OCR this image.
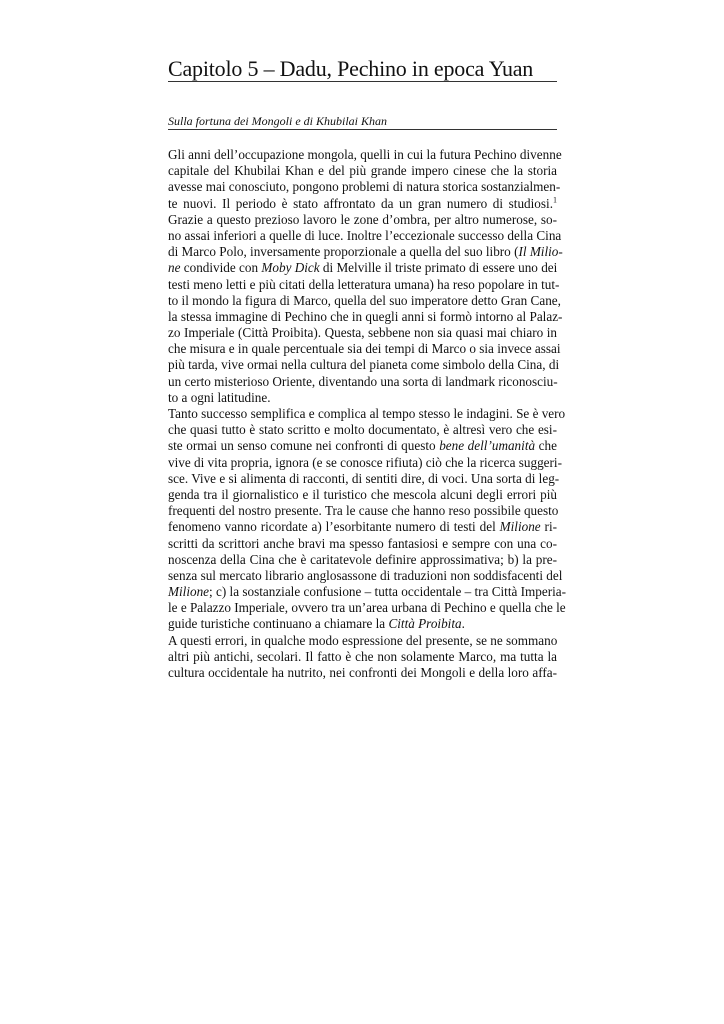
Capitolo 5 – Dadu, Pechino in epoca Yuan
Sulla fortuna dei Mongoli e di Khubilai Khan
Gli anni dell’occupazione mongola, quelli in cui la futura Pechino divenne
capitale del Khubilai Khan e del più grande impero cinese che la storia
avesse mai conosciuto, pongono problemi di natura storica sostanzialmen-
te nuovi. Il periodo è stato affrontato da un gran numero di studiosi.$^1$
Grazie a questo prezioso lavoro le zone d’ombra, per altro numerose, so-
no assai inferiori a quelle di luce. Inoltre l’eccezionale successo della Cina
di Marco Polo, inversamente proporzionale a quella del suo libro (Il Milio-
ne condivide con Moby Dick di Melville il triste primato di essere uno dei
testi meno letti e più citati della letteratura umana) ha reso popolare in tut-
to il mondo la figura di Marco, quella del suo imperatore detto Gran Cane,
la stessa immagine di Pechino che in quegli anni si formò intorno al Palaz-
zo Imperiale (Città Proibita). Questa, sebbene non sia quasi mai chiaro in
che misura e in quale percentuale sia dei tempi di Marco o sia invece assai
più tarda, vive ormai nella cultura del pianeta come simbolo della Cina, di
un certo misterioso Oriente, diventando una sorta di landmark riconosciu-
to a ogni latitudine.
Tanto successo semplifica e complica al tempo stesso le indagini. Se è vero
che quasi tutto è stato scritto e molto documentato, è altresì vero che esi-
ste ormai un senso comune nei confronti di questo bene dell’umanità che
vive di vita propria, ignora (e se conosce rifiuta) ciò che la ricerca suggeri-
sce. Vive e si alimenta di racconti, di sentiti dire, di voci. Una sorta di leg-
genda tra il giornalistico e il turistico che mescola alcuni degli errori più
frequenti del nostro presente. Tra le cause che hanno reso possibile questo
fenomeno vanno ricordate a) l’esorbitante numero di testi del Milione ri-
scritti da scrittori anche bravi ma spesso fantasiosi e sempre con una co-
noscenza della Cina che è caritatevole definire approssimativa; b) la pre-
senza sul mercato librario anglosassone di traduzioni non soddisfacenti del
Milione; c) la sostanziale confusione – tutta occidentale – tra Città Imperia-
le e Palazzo Imperiale, ovvero tra un’area urbana di Pechino e quella che le
guide turistiche continuano a chiamare la Città Proibita.
A questi errori, in qualche modo espressione del presente, se ne sommano
altri più antichi, secolari. Il fatto è che non solamente Marco, ma tutta la
cultura occidentale ha nutrito, nei confronti dei Mongoli e della loro affa-
